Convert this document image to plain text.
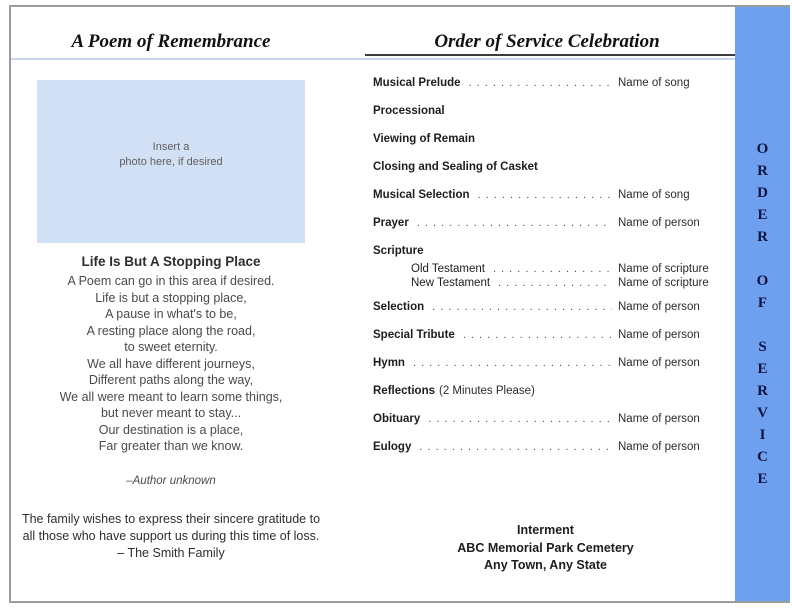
A Poem of Remembrance	Order of Service Celebration
Insert a
photo here, if desired
Life Is But A Stopping Place
A Poem can go in this area if desired.
Life is but a stopping place,
A pause in what's to be,
A resting place along the road,
to sweet eternity.
We all have different journeys,
Different paths along the way,
We all were meant to learn some things,
but never meant to stay...
Our destination is a place,
Far greater than we know.
–Author unknown
The family wishes to express their sincere gratitude to
all those who have support us during this time of loss.
– The Smith Family
Musical Prelude . . .	Name of song
Processional
Viewing of Remain
Closing and Sealing of Casket
Musical Selection . . .	Name of song
Prayer . . .	Name of person
Scripture
Old Testament . . .	Name of scripture
New Testament . . .	Name of scripture
Selection . . .	Name of person
Special Tribute . . .	Name of person
Hymn . . .	Name of person
Reflections (2 Minutes Please)
Obituary . . .	Name of person
Eulogy . . .	Name of person
Interment
ABC Memorial Park Cemetery
Any Town, Any State
O
R
D
E
R
O
F
S
E
R
V
I
C
E
